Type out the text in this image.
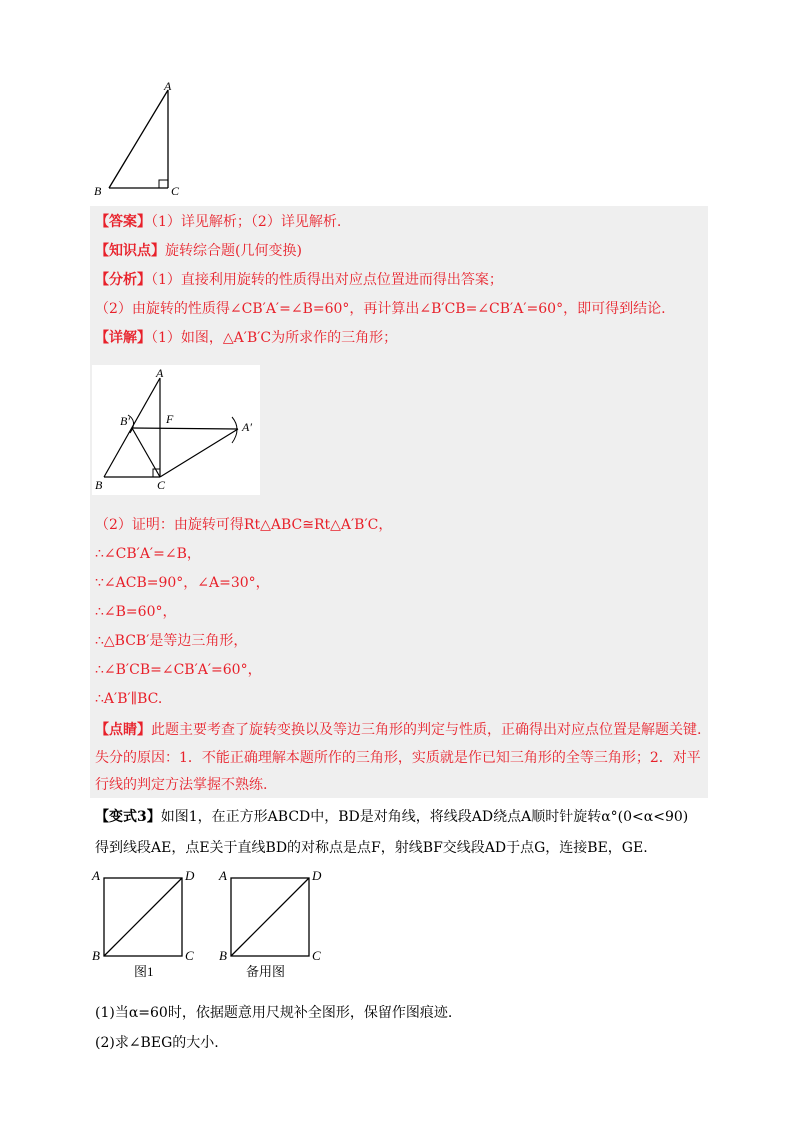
A
B	C
【答案】（1）详见解析；（2）详见解析.
【知识点】旋转综合题(几何变换)
【分析】（1）直接利用旋转的性质得出对应点位置进而得出答案；
（2）由旋转的性质得∠CB′A′=∠B=60°，再计算出∠B′CB=∠CB′A′=60°，即可得到结论.
【详解】（1）如图，△A′B′C为所求作的三角形；
A
B′	F
A′
B	C
（2）证明：由旋转可得Rt△ABC≅Rt△A′B′C，
∴∠CB′A′=∠B，
∵∠ACB=90°，∠A=30°，
∴∠B=60°，
∴△BCB′是等边三角形，
∴∠B′CB=∠CB′A′=60°，
∴A′B′∥BC.
【点睛】此题主要考查了旋转变换以及等边三角形的判定与性质，正确得出对应点位置是解题关键.
失分的原因：1．不能正确理解本题所作的三角形，实质就是作已知三角形的全等三角形；2．对平
行线的判定方法掌握不熟练.
【变式3】如图1，在正方形ABCD中，BD是对角线，将线段AD绕点A顺时针旋转α°(0<α<90)
得到线段AE，点E关于直线BD的对称点是点F，射线BF交线段AD于点G，连接BE，GE.
A	D
B	C
图1
A	D
B	C
备用图
(1)当α=60时，依据题意用尺规补全图形，保留作图痕迹.
(2)求∠BEG的大小.
